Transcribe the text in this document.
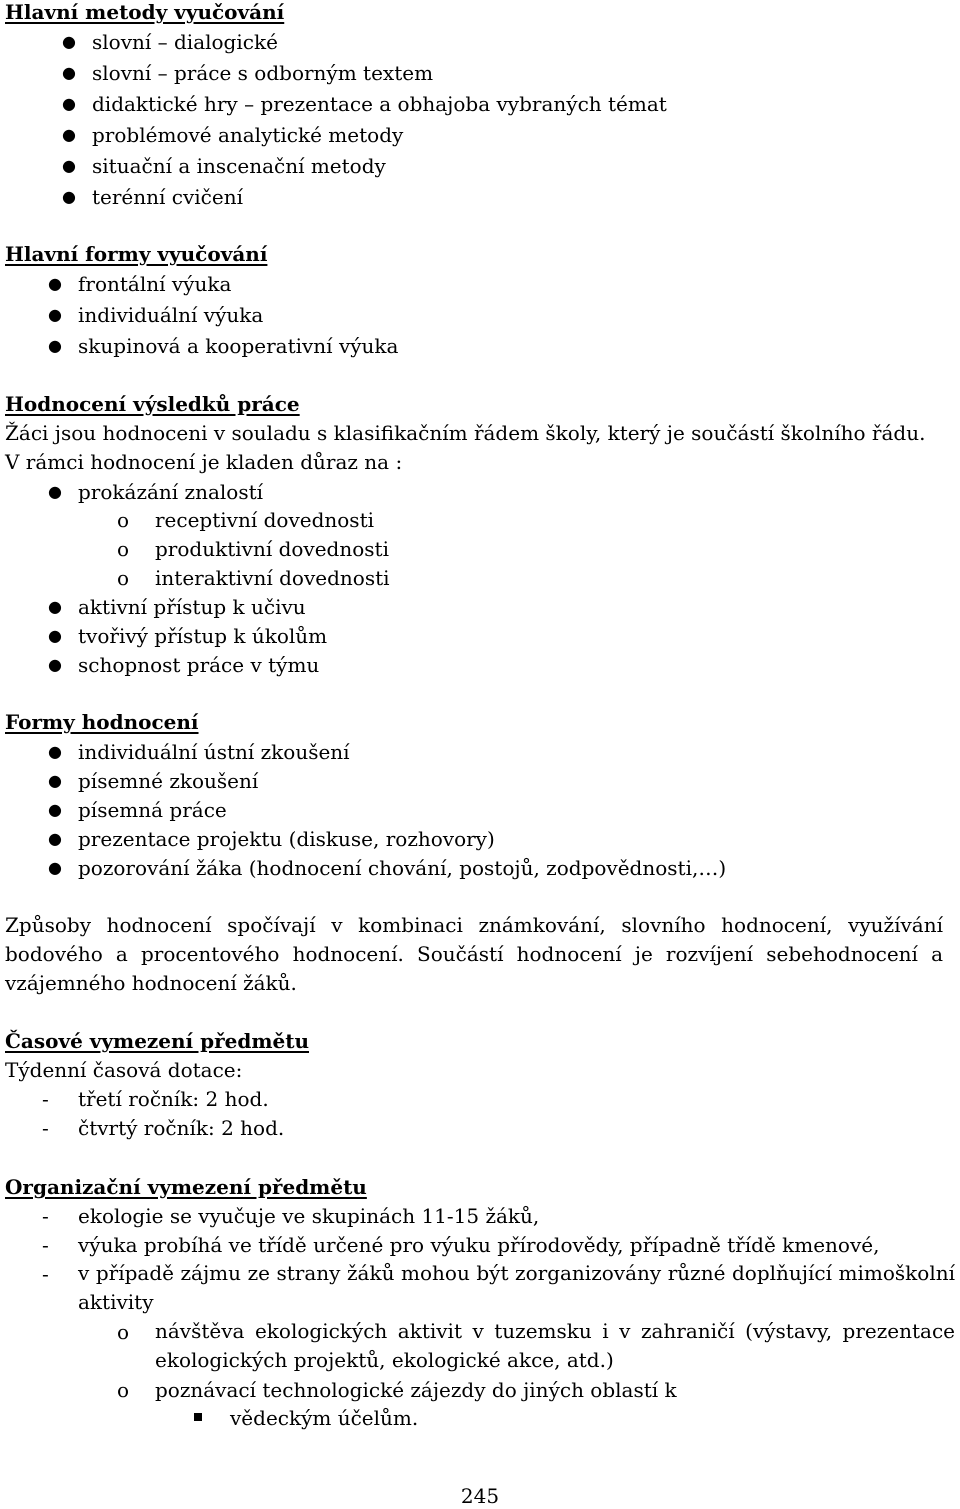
Hlavní metody vyučování
● slovní – dialogické
● slovní – práce s odborným textem
● didaktické hry – prezentace a obhajoba vybraných témat
● problémové analytické metody
● situační a inscenační metody
● terénní cvičení
Hlavní formy vyučování
● frontální výuka
● individuální výuka
● skupinová a kooperativní výuka
Hodnocení výsledků práce
Žáci jsou hodnoceni v souladu s klasifikačním řádem školy, který je součástí školního řádu.
V rámci hodnocení je kladen důraz na :
● prokázání znalostí
o receptivní dovednosti
o produktivní dovednosti
o interaktivní dovednosti
● aktivní přístup k učivu
● tvořivý přístup k úkolům
● schopnost práce v týmu
Formy hodnocení
● individuální ústní zkoušení
● písemné zkoušení
● písemná práce
● prezentace projektu (diskuse, rozhovory)
● pozorování žáka (hodnocení chování, postojů, zodpovědnosti,…)
Způsoby hodnocení spočívají v kombinaci známkování, slovního hodnocení, využívání bodového a procentového hodnocení. Součástí hodnocení je rozvíjení sebehodnocení a vzájemného hodnocení žáků.
Časové vymezení předmětu
Týdenní časová dotace:
- třetí ročník: 2 hod.
- čtvrtý ročník: 2 hod.
Organizační vymezení předmětu
- ekologie se vyučuje ve skupinách 11-15 žáků,
- výuka probíhá ve třídě určené pro výuku přírodovědy, případně třídě kmenové,
- v případě zájmu ze strany žáků mohou být zorganizovány různé doplňující mimoškolní aktivity
o návštěva ekologických aktivit v tuzemsku i v zahraničí (výstavy, prezentace ekologických projektů, ekologické akce, atd.)
o poznávací technologické zájezdy do jiných oblastí k
vědeckým účelům.
245
